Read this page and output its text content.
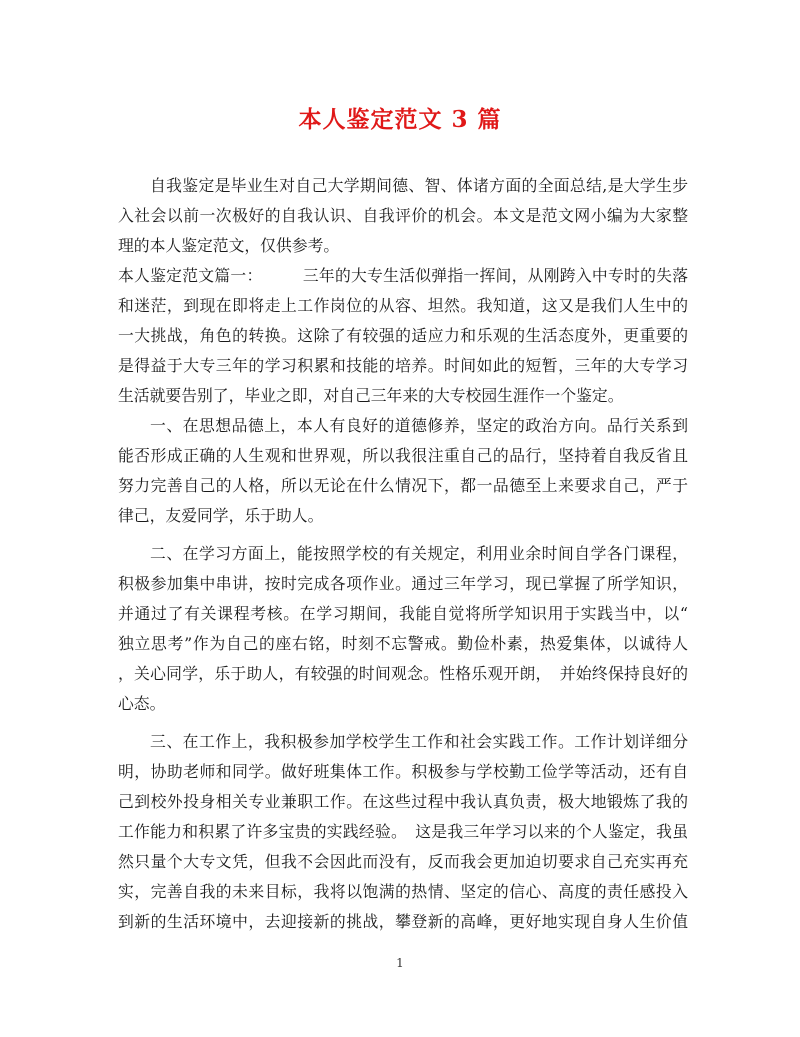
本人鉴定范文 3 篇
自我鉴定是毕业生对自己大学期间德、智、体诸方面的全面总结,是大学生步
入社会以前一次极好的自我认识、自我评价的机会。本文是范文网小编为大家整
理的本人鉴定范文，仅供参考。
本人鉴定范文篇一：　　　三年的大专生活似弹指一挥间，从刚跨入中专时的失落
和迷茫，到现在即将走上工作岗位的从容、坦然。我知道，这又是我们人生中的
一大挑战，角色的转换。这除了有较强的适应力和乐观的生活态度外，更重要的
是得益于大专三年的学习积累和技能的培养。时间如此的短暂，三年的大专学习
生活就要告别了，毕业之即，对自己三年来的大专校园生涯作一个鉴定。
一、在思想品德上，本人有良好的道德修养，坚定的政治方向。品行关系到
能否形成正确的人生观和世界观，所以我很注重自己的品行，坚持着自我反省且
努力完善自己的人格，所以无论在什么情况下，都一品德至上来要求自己，严于
律己，友爱同学，乐于助人。
二、在学习方面上，能按照学校的有关规定，利用业余时间自学各门课程，
积极参加集中串讲，按时完成各项作业。通过三年学习，现已掌握了所学知识，
并通过了有关课程考核。在学习期间，我能自觉将所学知识用于实践当中，以“
独立思考”作为自己的座右铭，时刻不忘警戒。勤俭朴素，热爱集体，以诚待人
，关心同学，乐于助人，有较强的时间观念。性格乐观开朗，　并始终保持良好的
心态。
三、在工作上，我积极参加学校学生工作和社会实践工作。工作计划详细分
明，协助老师和同学。做好班集体工作。积极参与学校勤工俭学等活动，还有自
己到校外投身相关专业兼职工作。在这些过程中我认真负责，极大地锻炼了我的
工作能力和积累了许多宝贵的实践经验。　这是我三年学习以来的个人鉴定，我虽
然只量个大专文凭，但我不会因此而没有，反而我会更加迫切要求自己充实再充
实，完善自我的未来目标，我将以饱满的热情、坚定的信心、高度的责任感投入
到新的生活环境中，去迎接新的挑战，攀登新的高峰，更好地实现自身人生价值
1
